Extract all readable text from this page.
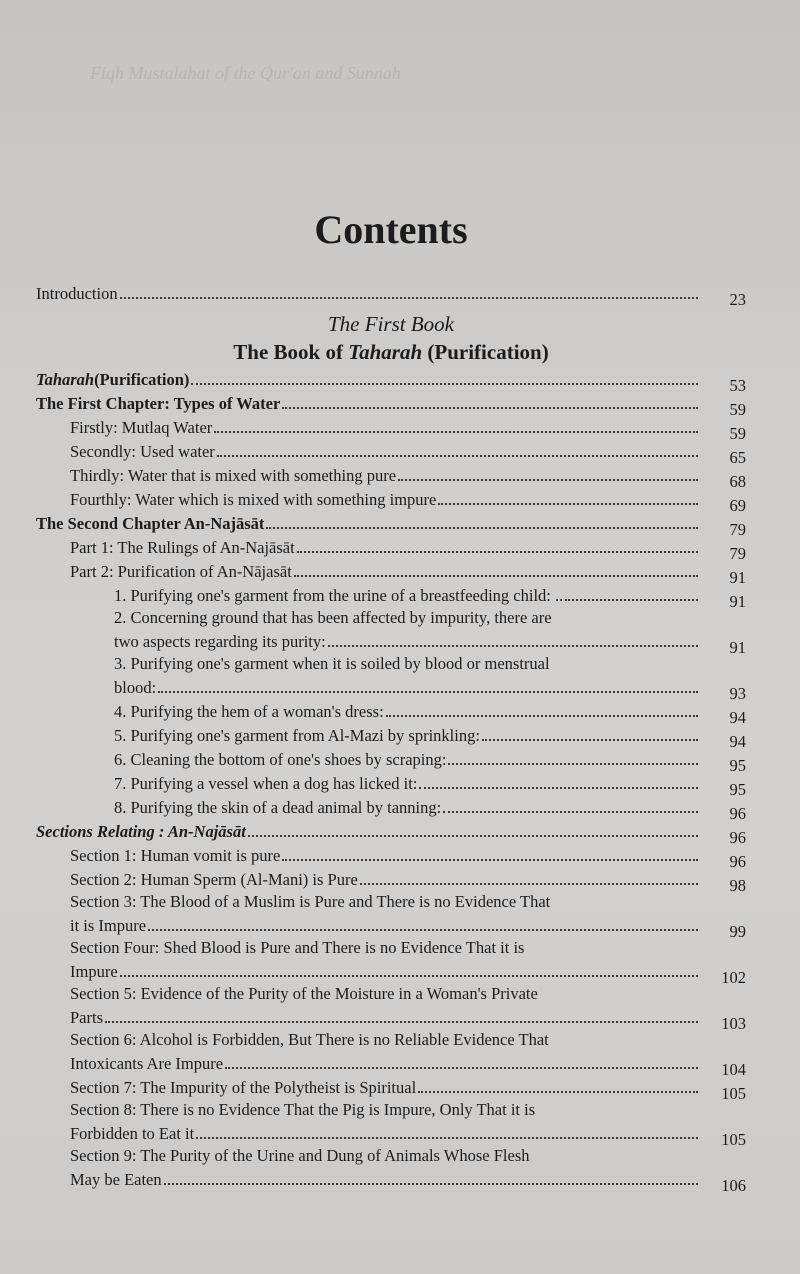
Fiqh Mustalahat of the Qur'an and Sunnah
Contents
Introduction	23
The First Book
The Book of Taharah (Purification)
Taharah (Purification)	53
The First Chapter: Types of Water	59
Firstly: Mutlaq Water	59
Secondly: Used water	65
Thirdly: Water that is mixed with something pure	68
Fourthly: Water which is mixed with something impure	69
The Second Chapter An-Najāsāt	79
Part 1: The Rulings of An-Najāsāt	79
Part 2: Purification of An-Nājasāt	91
1. Purifying one's garment from the urine of a breastfeeding child: ..	91
2. Concerning ground that has been affected by impurity, there are
two aspects regarding its purity:	91
3. Purifying one's garment when it is soiled by blood or menstrual
blood:	93
4. Purifying the hem of a woman's dress:	94
5. Purifying one's garment from Al-Mazi by sprinkling:	94
6. Cleaning the bottom of one's shoes by scraping:	95
7. Purifying a vessel when a dog has licked it:	95
8. Purifying the skin of a dead animal by tanning:	96
Sections Relating : An-Najāsāt	96
Section 1: Human vomit is pure	96
Section 2: Human Sperm (Al-Mani) is Pure	98
Section 3: The Blood of a Muslim is Pure and There is no Evidence That
it is Impure	99
Section Four: Shed Blood is Pure and There is no Evidence That it is
Impure	102
Section 5: Evidence of the Purity of the Moisture in a Woman's Private
Parts	103
Section 6: Alcohol is Forbidden, But There is no Reliable Evidence That
Intoxicants Are Impure	104
Section 7: The Impurity of the Polytheist is Spiritual	105
Section 8: There is no Evidence That the Pig is Impure, Only That it is
Forbidden to Eat it	105
Section 9: The Purity of the Urine and Dung of Animals Whose Flesh
May be Eaten	106
